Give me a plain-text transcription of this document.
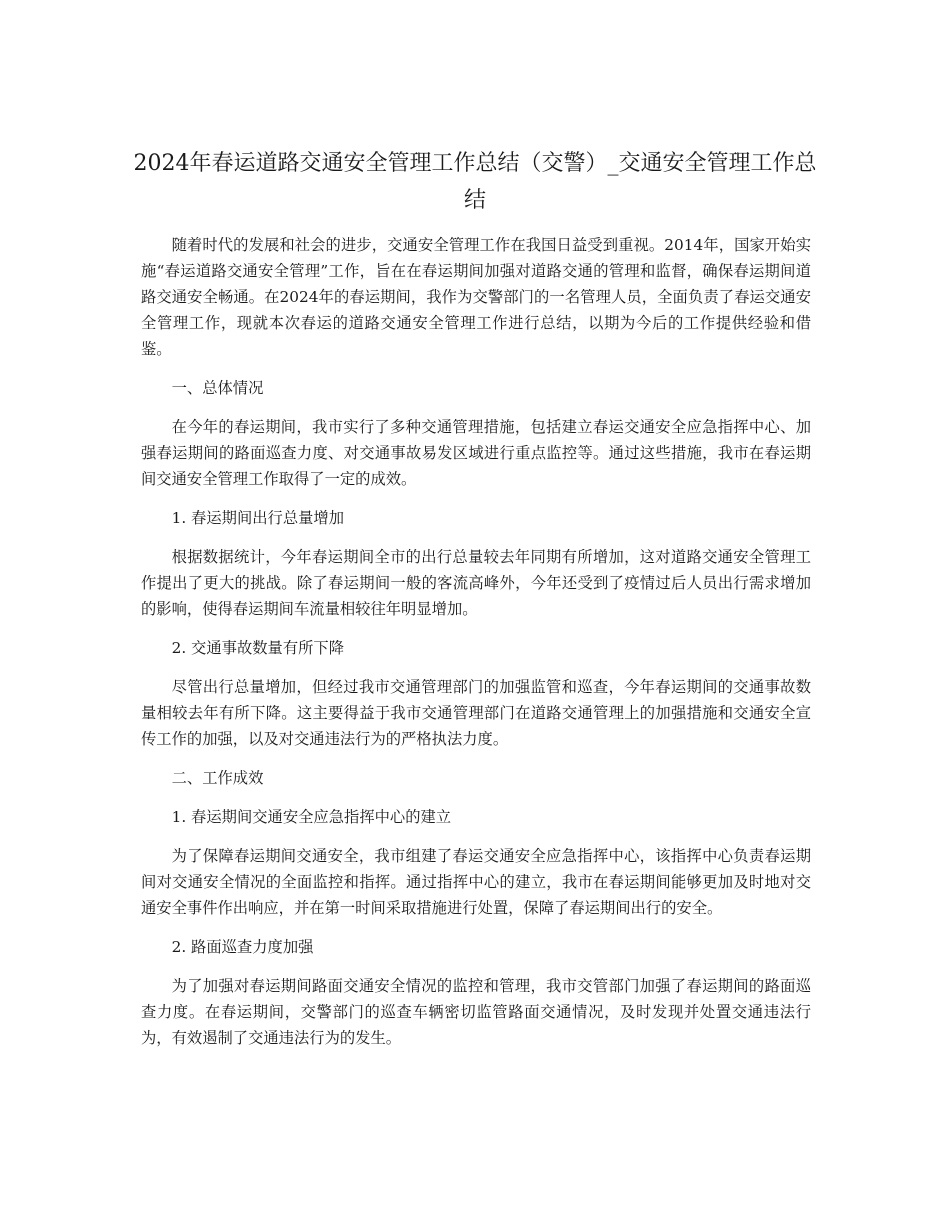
2024年春运道路交通安全管理工作总结（交警）_交通安全管理工作总结

随着时代的发展和社会的进步，交通安全管理工作在我国日益受到重视。2014年，国家开始实施“春运道路交通安全管理”工作，旨在在春运期间加强对道路交通的管理和监督，确保春运期间道路交通安全畅通。在2024年的春运期间，我作为交警部门的一名管理人员，全面负责了春运交通安全管理工作，现就本次春运的道路交通安全管理工作进行总结，以期为今后的工作提供经验和借鉴。

一、总体情况

在今年的春运期间，我市实行了多种交通管理措施，包括建立春运交通安全应急指挥中心、加强春运期间的路面巡查力度、对交通事故易发区域进行重点监控等。通过这些措施，我市在春运期间交通安全管理工作取得了一定的成效。

1. 春运期间出行总量增加

根据数据统计，今年春运期间全市的出行总量较去年同期有所增加，这对道路交通安全管理工作提出了更大的挑战。除了春运期间一般的客流高峰外，今年还受到了疫情过后人员出行需求增加的影响，使得春运期间车流量相较往年明显增加。

2. 交通事故数量有所下降

尽管出行总量增加，但经过我市交通管理部门的加强监管和巡查，今年春运期间的交通事故数量相较去年有所下降。这主要得益于我市交通管理部门在道路交通管理上的加强措施和交通安全宣传工作的加强，以及对交通违法行为的严格执法力度。

二、工作成效

1. 春运期间交通安全应急指挥中心的建立

为了保障春运期间交通安全，我市组建了春运交通安全应急指挥中心，该指挥中心负责春运期间对交通安全情况的全面监控和指挥。通过指挥中心的建立，我市在春运期间能够更加及时地对交通安全事件作出响应，并在第一时间采取措施进行处置，保障了春运期间出行的安全。

2. 路面巡查力度加强

为了加强对春运期间路面交通安全情况的监控和管理，我市交管部门加强了春运期间的路面巡查力度。在春运期间，交警部门的巡查车辆密切监管路面交通情况，及时发现并处置交通违法行为，有效遏制了交通违法行为的发生。
